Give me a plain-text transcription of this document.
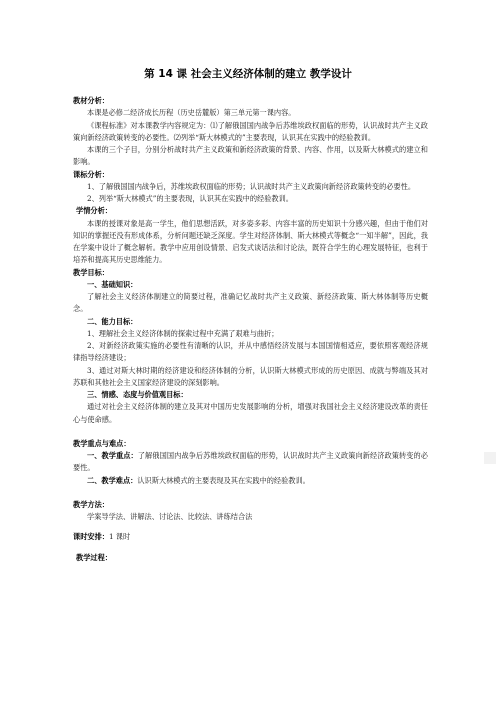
第 14 课 社会主义经济体制的建立 教学设计

教材分析：

本课是必修二经济成长历程（历史岳麓版）第三单元第一课内容。

《课程标准》对本课教学内容规定为：⑴了解俄国国内战争后苏维埃政权面临的形势，认识战时共产主义政策向新经济政策转变的必要性。⑵列举“斯大林模式的”主要表现，认识其在实践中的经验教训。

本课的三个子目，分别分析战时共产主义政策和新经济政策的背景、内容、作用，以及斯大林模式的建立和影响。

课标分析：

1、了解俄国国内战争后，苏维埃政权面临的形势；认识战时共产主义政策向新经济政策转变的必要性。

2、列举“斯大林模式”的主要表现，认识其在实践中的经验教训。

学情分析：

本课的授课对象是高一学生，他们思想活跃，对多姿多彩、内容丰富的历史知识十分感兴趣，但由于他们对知识的掌握还没有形成体系，分析问题还缺乏深度。学生对经济体制、斯大林模式等概念“一知半解”，因此，我在学案中设计了概念解析。教学中应用创设情景、启发式谈话法和讨论法，既符合学生的心理发展特征，也利于培养和提高其历史思维能力。

教学目标：

一、基础知识：

了解社会主义经济体制建立的简要过程，准确记忆战时共产主义政策、新经济政策、斯大林体制等历史概念。

二、能力目标：

1、理解社会主义经济体制的探索过程中充满了艰难与曲折；

2、对新经济政策实施的必要性有清晰的认识，并从中感悟经济发展与本国国情相适应，要依照客观经济规律指导经济建设；

3、通过对斯大林时期的经济建设和经济体制的分析，认识斯大林模式形成的历史原因、成就与弊端及其对苏联和其他社会主义国家经济建设的深刻影响。

三、情感、态度与价值观目标：

通过对社会主义经济体制的建立及其对中国历史发展影响的分析，增强对我国社会主义经济建设改革的责任心与使命感。

教学重点与难点：

一、教学重点：了解俄国国内战争后苏维埃政权面临的形势，认识战时共产主义政策向新经济政策转变的必要性。

二、教学难点：认识斯大林模式的主要表现及其在实践中的经验教训。

教学方法：

学案导学法、讲解法、讨论法、比较法、讲练结合法

课时安排：1 课时

教学过程：
